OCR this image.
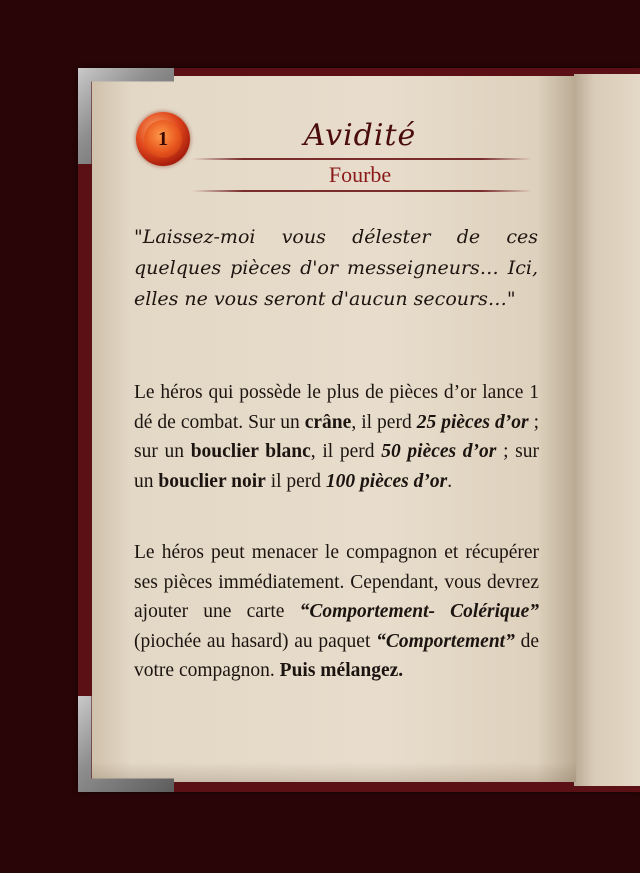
1	Avidité
Fourbe
"Laissez-moi vous délester de ces quelques pièces d'or messeigneurs… Ici, elles ne vous seront d'aucun secours…"
Le héros qui possède le plus de pièces d’or lance 1 dé de combat. Sur un crâne, il perd 25 pièces d’or ; sur un bouclier blanc, il perd 50 pièces d’or ; sur un bouclier noir il perd 100 pièces d’or.
Le héros peut menacer le compagnon et récupérer ses pièces immédiatement. Cependant, vous devrez ajouter une carte “Comportement- Colérique” (piochée au hasard) au paquet “Comportement” de votre compagnon. Puis mélangez.
